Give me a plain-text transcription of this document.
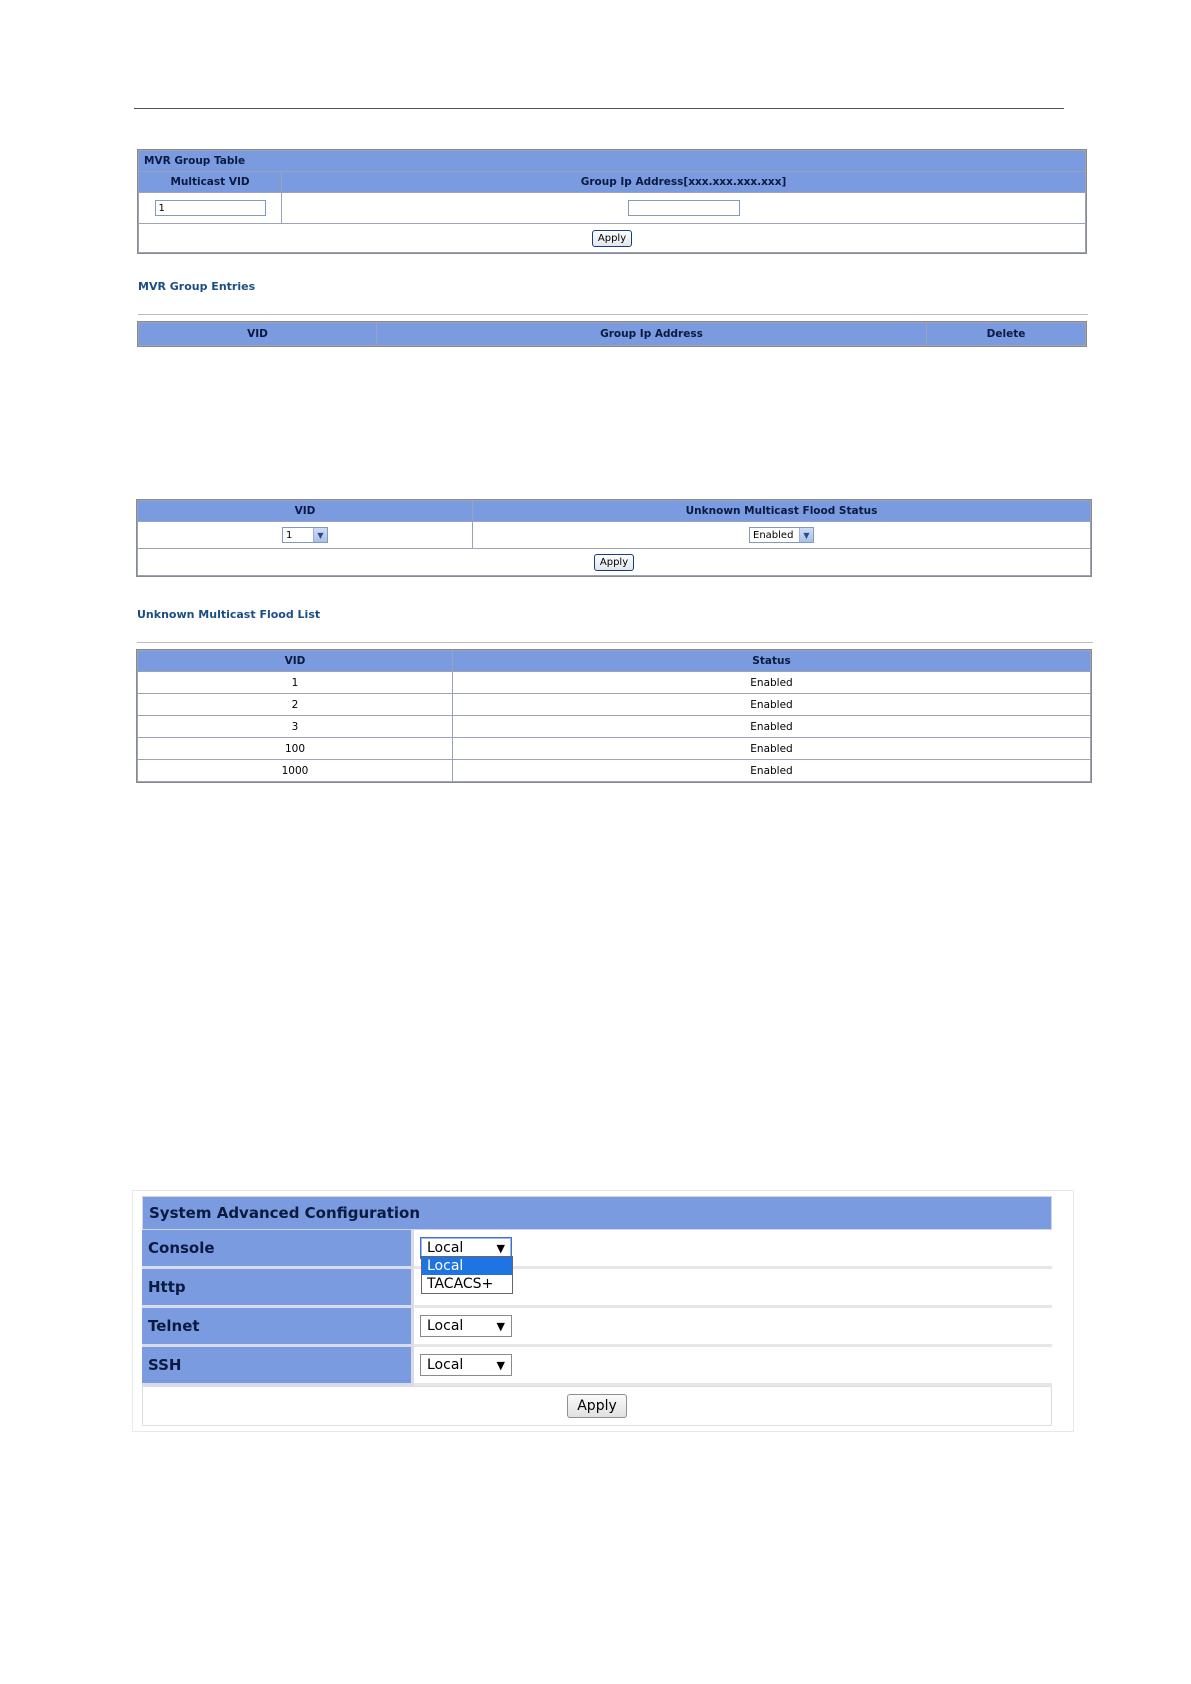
MVR Group Table	
Multicast VID	Group Ip Address[xxx.xxx.xxx.xxx]
1	
Apply	
MVR Group Entries
VID	Group Ip Address	Delete
VID	Unknown Multicast Flood Status

1 ▼	Enabled ▼

Apply	
Unknown Multicast Flood List
VID	Status
1	Enabled
2	Enabled
3	Enabled
100	Enabled
1000	Enabled
System Advanced Configuration	
Console	Local ▼

Http	
Telnet	Local ▼

SSH	Local ▼

Apply	
Local
TACACS+
